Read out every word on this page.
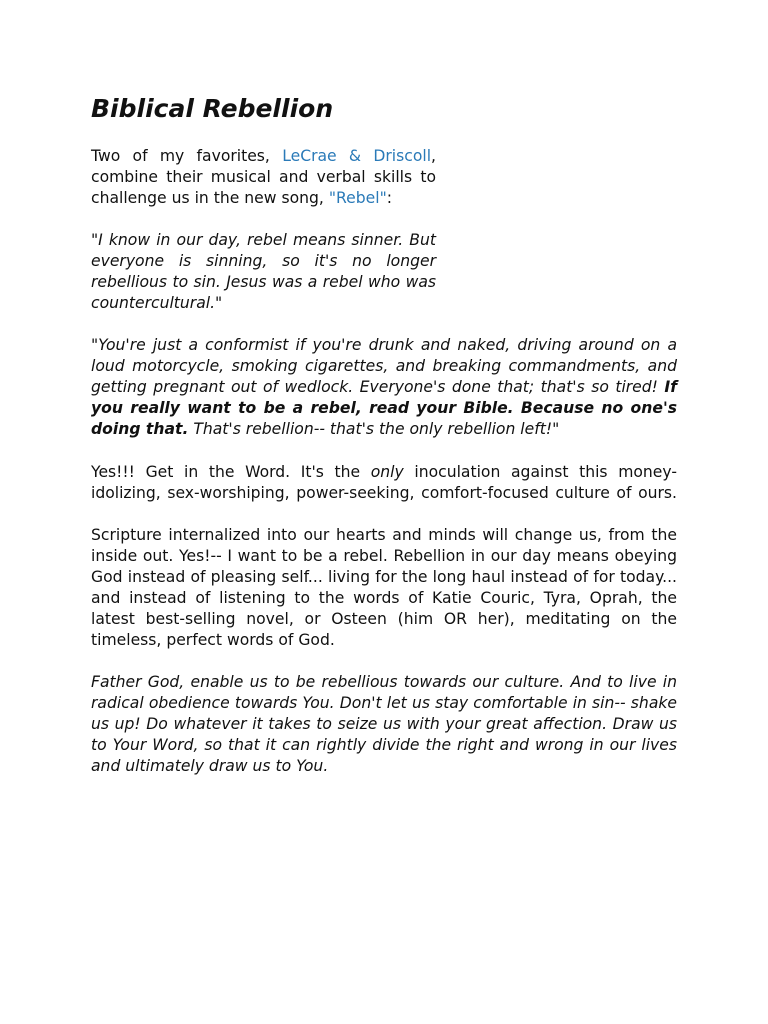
Biblical Rebellion

Two of my favorites, LeCrae & Driscoll, combine their musical and verbal skills to challenge us in the new song, "Rebel":

"I know in our day, rebel means sinner. But everyone is sinning, so it's no longer rebellious to sin. Jesus was a rebel who was countercultural."

"You're just a conformist if you're drunk and naked, driving around on a loud motorcycle, smoking cigarettes, and breaking commandments, and getting pregnant out of wedlock. Everyone's done that; that's so tired! If you really want to be a rebel, read your Bible. Because no one's doing that. That's rebellion-- that's the only rebellion left!"

Yes!!! Get in the Word. It's the only inoculation against this money-idolizing, sex-worshiping, power-seeking, comfort-focused culture of ours.

Scripture internalized into our hearts and minds will change us, from the inside out. Yes!-- I want to be a rebel. Rebellion in our day means obeying God instead of pleasing self... living for the long haul instead of for today... and instead of listening to the words of Katie Couric, Tyra, Oprah, the latest best-selling novel, or Osteen (him OR her), meditating on the timeless, perfect words of God.

Father God, enable us to be rebellious towards our culture. And to live in radical obedience towards You. Don't let us stay comfortable in sin-- shake us up! Do whatever it takes to seize us with your great affection. Draw us to Your Word, so that it can rightly divide the right and wrong in our lives and ultimately draw us to You.
